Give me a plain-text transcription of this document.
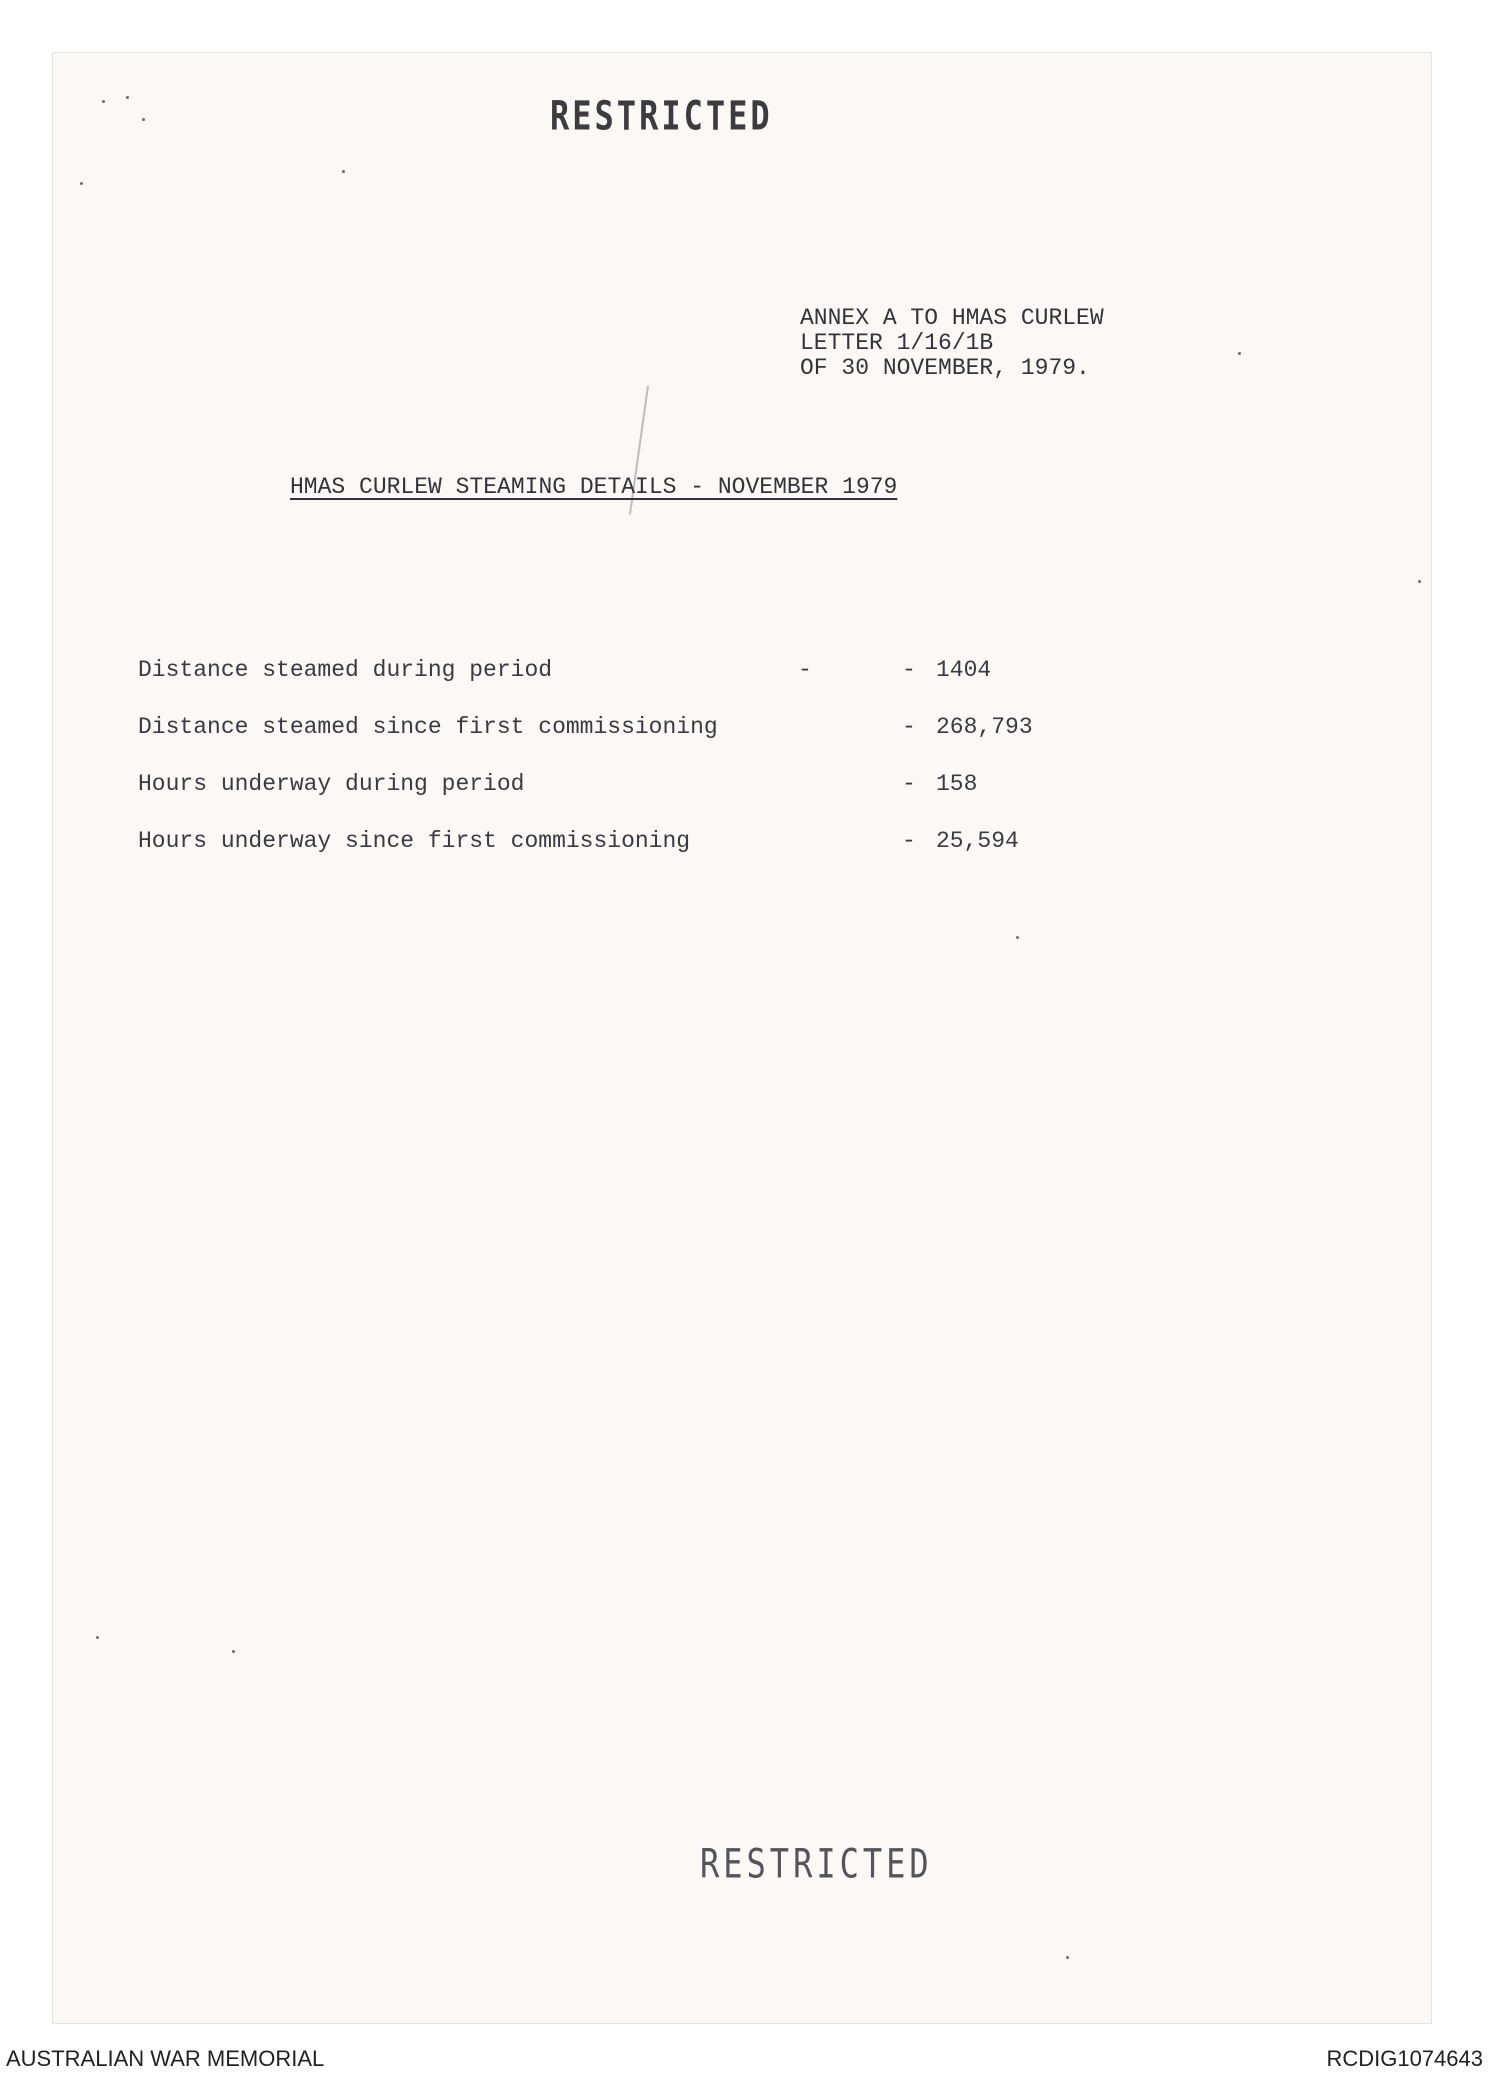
RESTRICTED
ANNEX A TO HMAS CURLEW
LETTER 1/16/1B
OF 30 NOVEMBER, 1979.
HMAS CURLEW STEAMING DETAILS - NOVEMBER 1979
Distance steamed during period	-	- 1404
Distance steamed since first commissioning	- 268,793
Hours underway during period	- 158
Hours underway since first commissioning	- 25,594
RESTRICTED
AUSTRALIAN WAR MEMORIAL	RCDIG1074643
